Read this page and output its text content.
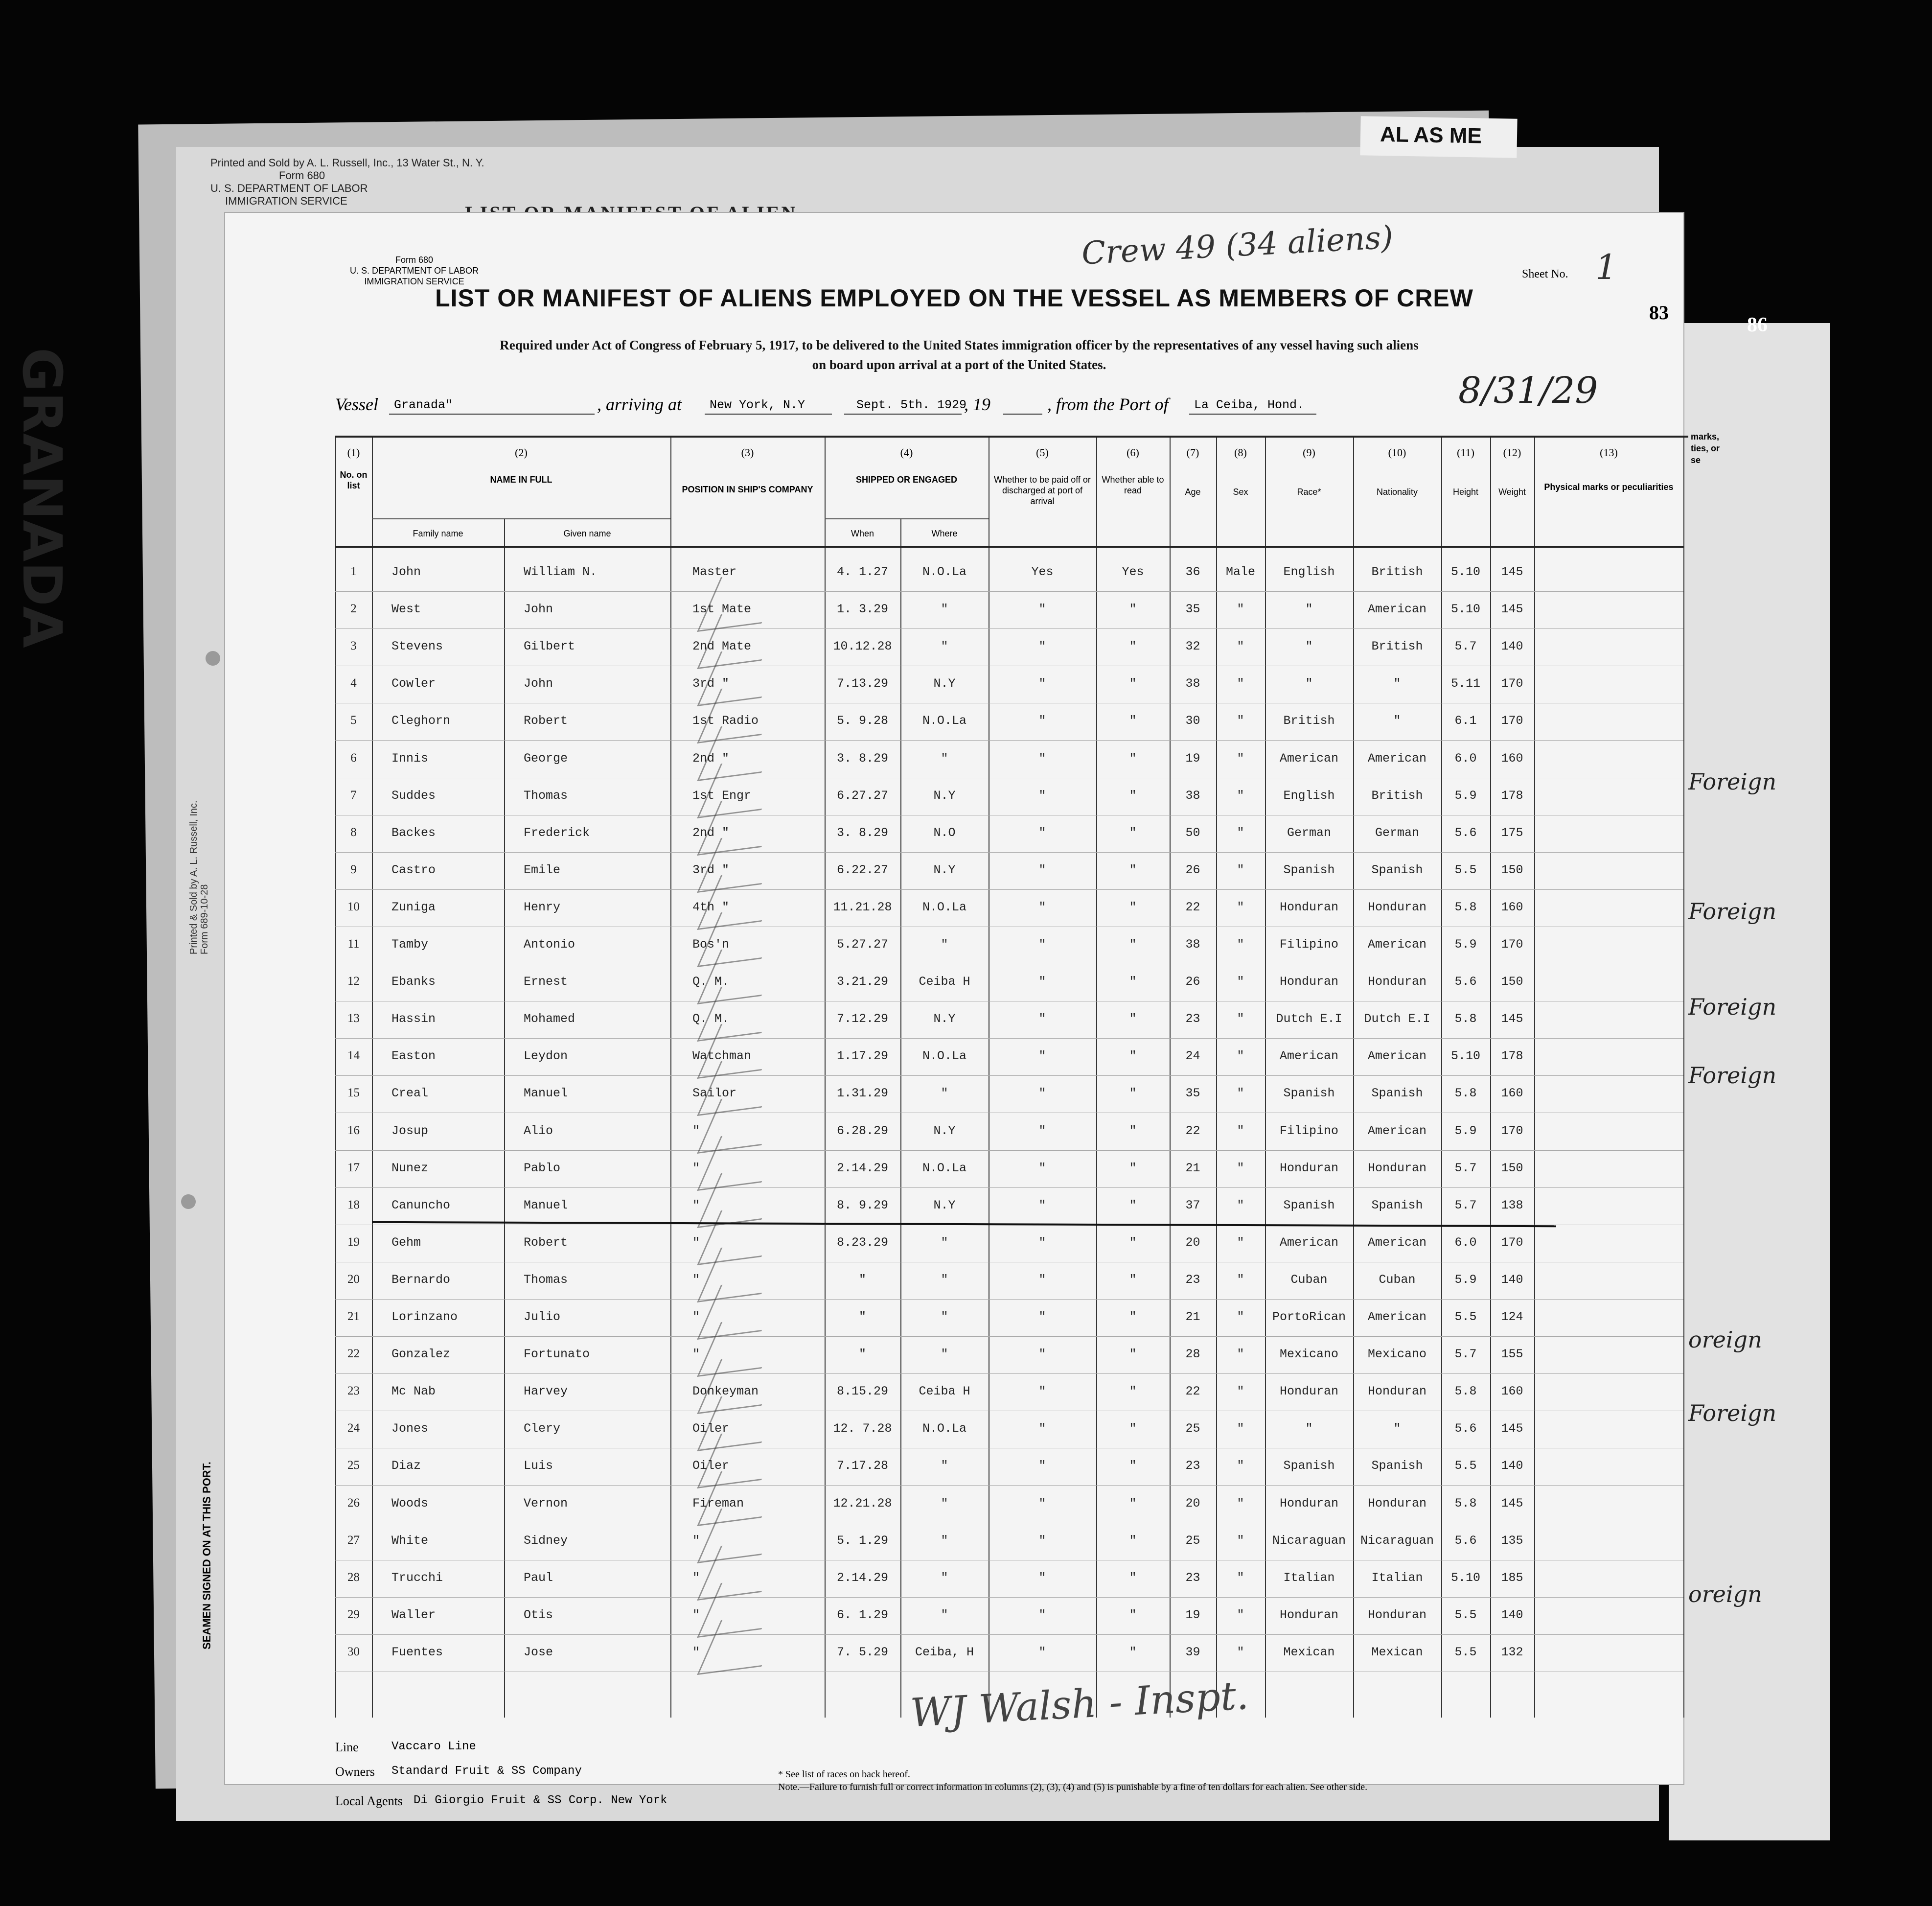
AL AS ME
Printed and Sold by A. L. Russell, Inc., 13 Water St., N. Y.
Form 680
U. S. DEPARTMENT OF LABOR
IMMIGRATION SERVICE
86
marks,
ties, or
se
GRANADA
Printed & Sold by A. L. Russell, Inc. Form 689-10-28
SEAMEN SIGNED ON AT THIS PORT.
Form 680
U. S. DEPARTMENT OF LABOR
IMMIGRATION SERVICE
Crew 49 (34 aliens)
Sheet No. 1
83
LIST OR MANIFEST OF ALIENS EMPLOYED ON THE VESSEL AS MEMBERS OF CREW
Required under Act of Congress of February 5, 1917, to be delivered to the United States immigration officer by the representatives of any vessel having such aliens
on board upon arrival at a port of the United States.
Vessel Granada"	, arriving at New York, N.Y	Sept. 5th. 1929
, 19	, from the Port of La Ceiba, Hond.	8/31/29
(1)	(2)	(3)	(4)	(5)	(6)	(7)	(8)	(9)	(10)	(11)	(12)	(13)
No. on list
NAME IN FULL
Family name	Given name
POSITION IN SHIP'S COMPANY
SHIPPED OR ENGAGED
When	Where
Whether to be paid off or discharged at port of arrival
Whether able to read	Age	Sex	Race*	Nationality	Height	Weight	Physical marks or peculiarities
1	John	William N.	Master	4. 1.27	N.O.La	Yes	Yes	36	Male	English	British	5.10	145
2	West	John	1st Mate	1. 3.29	"	"	"	35	"	"	American	5.10	145
3	Stevens	Gilbert	2nd Mate	10.12.28	"	"	"	32	"	"	British	5.7	140
4	Cowler	John	3rd "	7.13.29	N.Y	"	"	38	"	"	"	5.11	170
5	Cleghorn	Robert	1st Radio	5. 9.28	N.O.La	"	"	30	"	British	"	6.1	170
6	Innis	George	2nd "	3. 8.29	"	"	"	19	"	American	American	6.0	160
7	Suddes	Thomas	1st Engr	6.27.27	N.Y	"	"	38	"	English	British	5.9	178
8	Backes	Frederick	2nd "	3. 8.29	N.O	"	"	50	"	German	German	5.6	175
9	Castro	Emile	3rd "	6.22.27	N.Y	"	"	26	"	Spanish	Spanish	5.5	150
10	Zuniga	Henry	4th "	11.21.28	N.O.La	"	"	22	"	Honduran	Honduran	5.8	160
11	Tamby	Antonio	Bos'n	5.27.27	"	"	"	38	"	Filipino	American	5.9	170
12	Ebanks	Ernest	Q. M.	3.21.29	Ceiba H	"	"	26	"	Honduran	Honduran	5.6	150
13	Hassin	Mohamed	Q. M.	7.12.29	N.Y	"	"	23	"	Dutch E.I	Dutch E.I	5.8	145
14	Easton	Leydon	Watchman	1.17.29	N.O.La	"	"	24	"	American	American	5.10	178
15	Creal	Manuel	Sailor	1.31.29	"	"	"	35	"	Spanish	Spanish	5.8	160
16	Josup	Alio	"	6.28.29	N.Y	"	"	22	"	Filipino	American	5.9	170
17	Nunez	Pablo	"	2.14.29	N.O.La	"	"	21	"	Honduran	Honduran	5.7	150
18	Canuncho	Manuel	"	8. 9.29	N.Y	"	"	37	"	Spanish	Spanish	5.7	138
19	Gehm	Robert	"	8.23.29	"	"	"	20	"	American	American	6.0	170
20	Bernardo	Thomas	"	"	"	"	"	23	"	Cuban	Cuban	5.9	140
21	Lorinzano	Julio	"	"	"	"	"	21	"	PortoRican	American	5.5	124
22	Gonzalez	Fortunato	"	"	"	"	"	28	"	Mexicano	Mexicano	5.7	155
23	Mc Nab	Harvey	Donkeyman	8.15.29	Ceiba H	"	"	22	"	Honduran	Honduran	5.8	160
24	Jones	Clery	Oiler	12. 7.28	N.O.La	"	"	25	"	"	"	5.6	145
25	Diaz	Luis	Oiler	7.17.28	"	"	"	23	"	Spanish	Spanish	5.5	140
26	Woods	Vernon	Fireman	12.21.28	"	"	"	20	"	Honduran	Honduran	5.8	145
27	White	Sidney	"	5. 1.29	"	"	"	25	"	Nicaraguan	Nicaraguan	5.6	135
28	Trucchi	Paul	"	2.14.29	"	"	"	23	"	Italian	Italian	5.10	185
29	Waller	Otis	"	6. 1.29	"	"	"	19	"	Honduran	Honduran	5.5	140
30	Fuentes	Jose	"	7. 5.29	Ceiba, H	"	"	39	"	Mexican	Mexican	5.5	132
WJ Walsh - Inspt.
Line	Vaccaro Line
Owners Standard Fruit & SS Company
Local Agents Di Giorgio Fruit & SS Corp. New York
* See list of races on back hereof.
Note.—Failure to furnish full or correct information in columns (2), (3), (4) and (5) is punishable by a fine of ten dollars for each alien. See other side.
Foreign
Foreign
Foreign
Foreign
oreign
Foreign
oreign
